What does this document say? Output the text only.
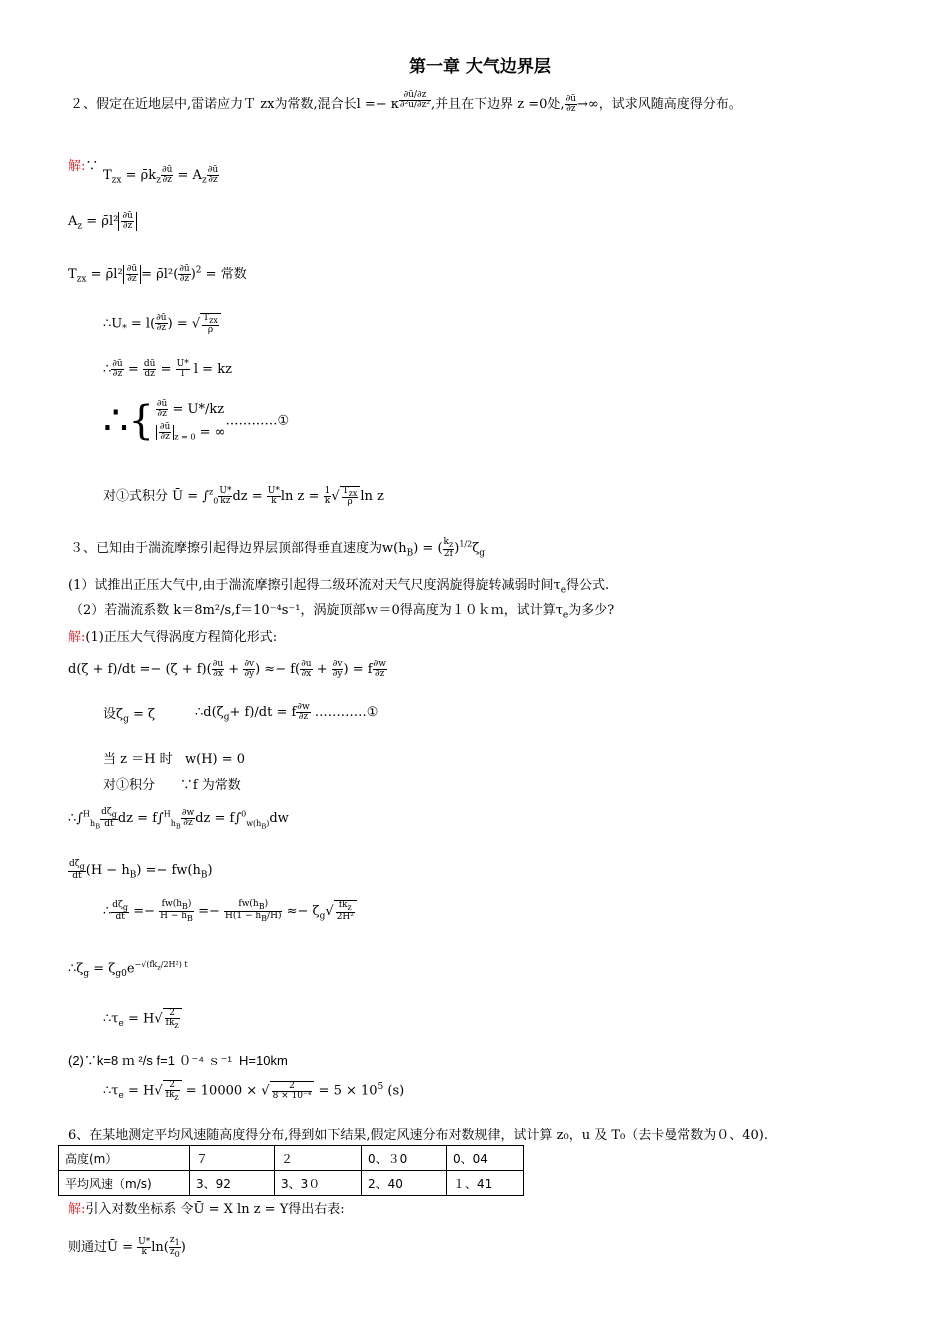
第一章 大气边界层
２、假定在近地层中,雷诺应力Ｔ zx为常数,混合长l =− κ $\frac{\partial ū/\partial z}{\text{∂²ū/∂z²}}$ ,并且在下边界 z =0处, $\frac{\partial ū}{\partial z}$ →∞，试求风随高度得分布。
解:∵
$T_{zx}$ = $\rhōk_z \frac{\partial ū}{\partial z} = A_z \frac{\partial ū}{\partial z}$
$A_z$ = ρ̄l² $\frac{\partial ū}{\partial z}$
$T_{zx}$ = ρ̄l² $\frac{\partial ū}{\partial z}$ = ρ̄l²( $\frac{\partial ū}{\partial z} )^2$ = 常数
$\therefore U_* = l( \frac{\partial ū}{\partial z}$ ) = √ $\frac{T_{zx}}{\rho}$
∴ $\frac{\partial ū}{\partial z} = \frac{dū}{dz} = \frac{U*}{l}$ l = kz
∴{ $\frac{\partial ū}{\partial z} = U*/kz$
$\frac{\partial ū}{\partial z} _{z = 0}$ = ∞
…………①
对①式积分 Ū = $\int^z_0 \frac{U*}{kz}$ dz = $\frac{U*}{k}$ $\ln z = \frac{1}{k}$ √ $\frac{T_{zx}}{\rho}$ ln z
３、已知由于湍流摩擦引起得边界层顶部得垂直速度为$w(h_B)$ = ( $\frac{k_z}{2f} )^{1/2}\zeta_g$
(1）试推出正压大气中,由于湍流摩擦引起得二级环流对天气尺度涡旋得旋转减弱时间$\tau_e$得公式.
（2）若湍流系数 k＝8m²/s,f＝10⁻⁴s⁻¹，涡旋顶部ｗ＝0得高度为１０ｋｍ，试计算$\tau_e$为多少?
解:(1)正压大气得涡度方程简化形式:
$d(\zeta + f)/dt =- (\zeta + f)( \frac{\partial u}{\partial x} + \frac{\partial v}{\partial y}$ ) ≈− $f( \frac{\partial u}{\partial x} + \frac{\partial v}{\partial y}$ ) = f $\frac{\partial w}{\partial z}$
设$\zeta_g = \zeta$	$\therefore d(\zeta_g+ f)/dt = f \frac{\partial w}{\partial z}$ …………①
当 z ＝H 时 w(H) = 0
对①积分 ∵f 为常数
∴∫$^H_{h_B}$ $\frac{d\zeta_g}{dt}$ dz = $f\int^H_{h_B} \frac{\partial w}{\partial z}$ dz = f∫$^0_{w(h_B)}$dw
$\frac{d\zeta_g}{dt} (H - h_B) =- fw(h_B)$
∴ $\frac{d\zeta_g}{dt} =- \frac{fw(h_B)}{H - h_B} =- \frac{fw(h_B)}{H(1 - h_B/H)} \approx- \zeta_g√ \frac{fk_z}{\text{2H²}}$
$\therefore\zeta_g = \zeta_{g0}e^{-√(fk_z/2H^2) t}$
$\therefore\tau_e = H√ \frac{2}{fk_z}$
(2)∵k=8 ｍ ²/s f=1 ０⁻⁴ ｓ⁻¹ H=10km
$\therefore\tau_e = H√ \frac{2}{fk_z} = 10000$ × √ $\frac{2}{\text{8 × 10⁻⁴}} = 5 \times 10^5$ (s)
6、在某地测定平均风速随高度得分布,得到如下结果,假定风速分布对数规律，试计算 z₀，u 及 T₀（去卡曼常数为０、40).
高度(m）	７	２	0、３0	0、04
平均风速（m/s)	3、92	3、3０	2、40	１、41
解:引入对数坐标系 令Ū = X ln z = Y得出右表:
则通过Ū = $\frac{U*}{k} \ln( \frac{z_1}{z_0}$ )
